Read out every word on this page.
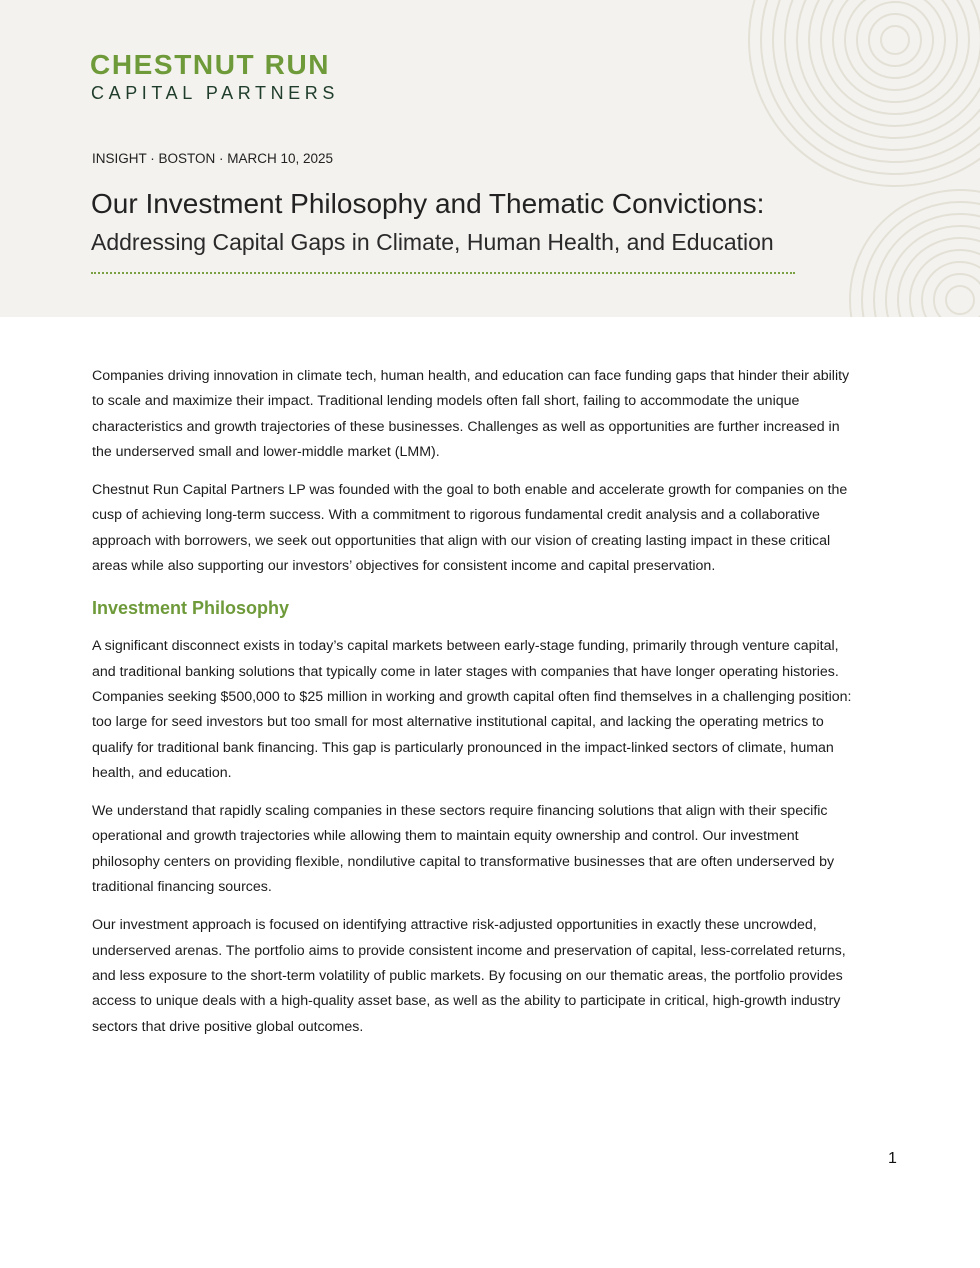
CHESTNUT RUN
CAPITAL PARTNERS
INSIGHT · BOSTON · MARCH 10, 2025
Our Investment Philosophy and Thematic Convictions:
Addressing Capital Gaps in Climate, Human Health, and Education

Companies driving innovation in climate tech, human health, and education can face funding gaps that hinder their ability to scale and maximize their impact. Traditional lending models often fall short, failing to accommodate the unique characteristics and growth trajectories of these businesses. Challenges as well as opportunities are further increased in the underserved small and lower-middle market (LMM).

Chestnut Run Capital Partners LP was founded with the goal to both enable and accelerate growth for companies on the cusp of achieving long-term success. With a commitment to rigorous fundamental credit analysis and a collaborative approach with borrowers, we seek out opportunities that align with our vision of creating lasting impact in these critical areas while also supporting our investors’ objectives for consistent income and capital preservation.

Investment Philosophy

A significant disconnect exists in today’s capital markets between early-stage funding, primarily through venture capital, and traditional banking solutions that typically come in later stages with companies that have longer operating histories. Companies seeking $500,000 to $25 million in working and growth capital often find themselves in a challenging position: too large for seed investors but too small for most alternative institutional capital, and lacking the operating metrics to qualify for traditional bank financing. This gap is particularly pronounced in the impact-linked sectors of climate, human health, and education.

We understand that rapidly scaling companies in these sectors require financing solutions that align with their specific operational and growth trajectories while allowing them to maintain equity ownership and control. Our investment philosophy centers on providing flexible, nondilutive capital to transformative businesses that are often underserved by traditional financing sources.

Our investment approach is focused on identifying attractive risk-adjusted opportunities in exactly these uncrowded, underserved arenas. The portfolio aims to provide consistent income and preservation of capital, less-correlated returns, and less exposure to the short-term volatility of public markets. By focusing on our thematic areas, the portfolio provides access to unique deals with a high-quality asset base, as well as the ability to participate in critical, high-growth industry sectors that drive positive global outcomes.

1
